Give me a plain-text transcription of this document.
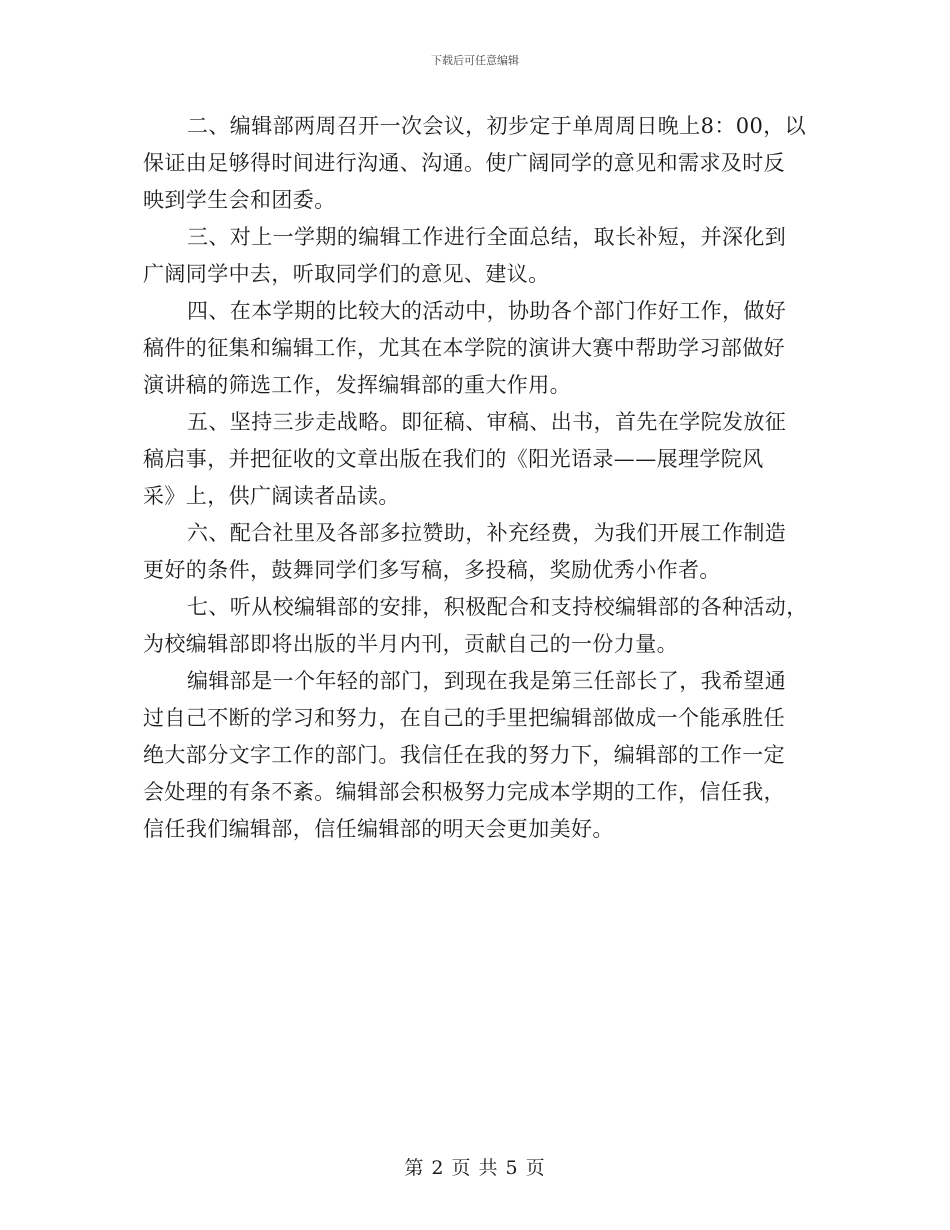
下载后可任意编辑

二、编辑部两周召开一次会议，初步定于单周周日晚上8：00，以
保证由足够得时间进行沟通、沟通。使广阔同学的意见和需求及时反
映到学生会和团委。

三、对上一学期的编辑工作进行全面总结，取长补短，并深化到
广阔同学中去，听取同学们的意见、建议。

四、在本学期的比较大的活动中，协助各个部门作好工作，做好
稿件的征集和编辑工作，尤其在本学院的演讲大赛中帮助学习部做好
演讲稿的筛选工作，发挥编辑部的重大作用。

五、坚持三步走战略。即征稿、审稿、出书，首先在学院发放征
稿启事，并把征收的文章出版在我们的《阳光语录——展理学院风
采》上，供广阔读者品读。

六、配合社里及各部多拉赞助，补充经费，为我们开展工作制造
更好的条件，鼓舞同学们多写稿，多投稿，奖励优秀小作者。

七、听从校编辑部的安排，积极配合和支持校编辑部的各种活动，
为校编辑部即将出版的半月内刊，贡献自己的一份力量。

编辑部是一个年轻的部门，到现在我是第三任部长了，我希望通
过自己不断的学习和努力，在自己的手里把编辑部做成一个能承胜任
绝大部分文字工作的部门。我信任在我的努力下，编辑部的工作一定
会处理的有条不紊。编辑部会积极努力完成本学期的工作，信任我，
信任我们编辑部，信任编辑部的明天会更加美好。

第 2 页 共 5 页
